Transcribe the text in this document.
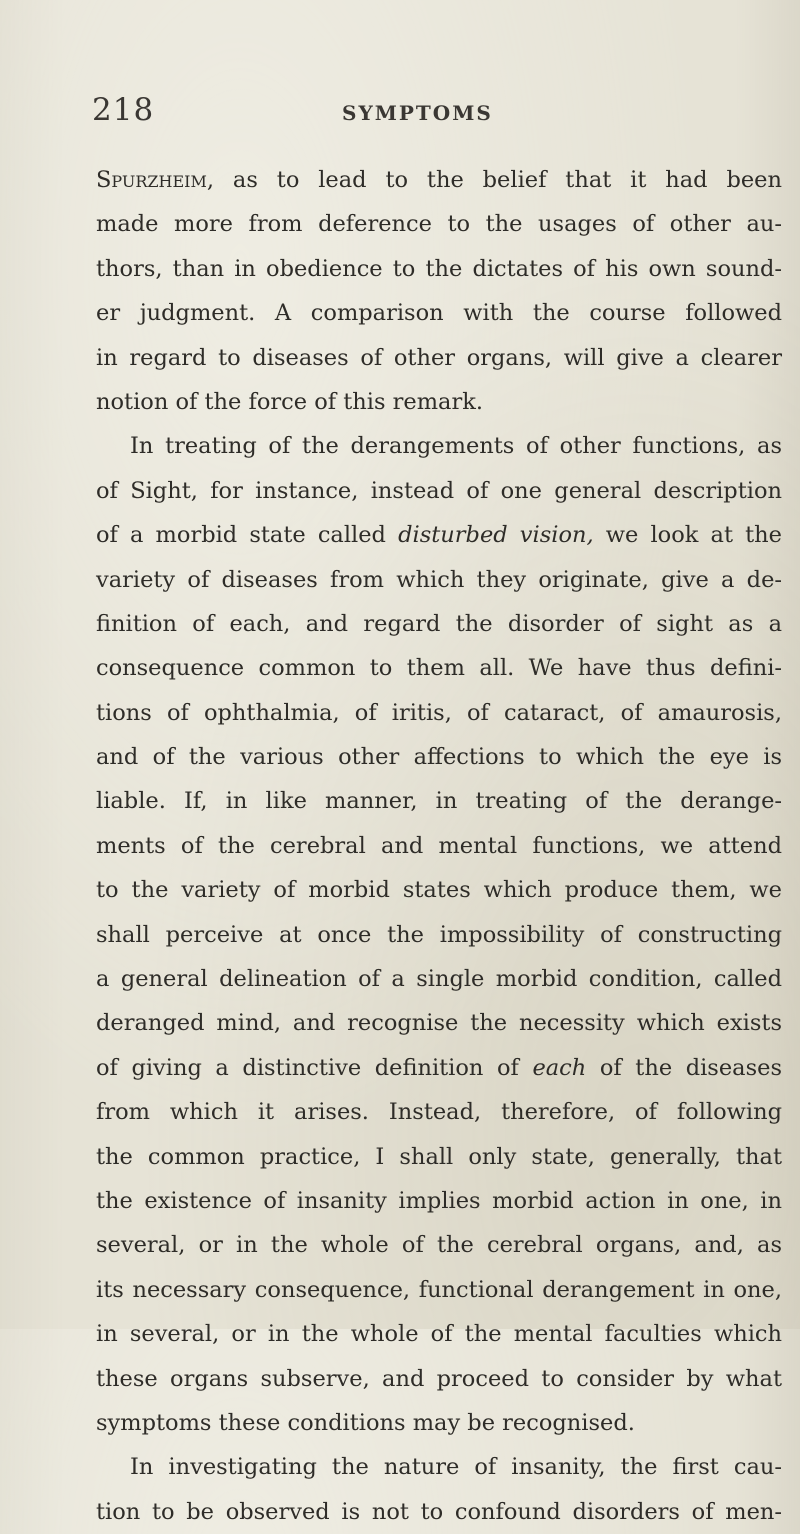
218	SYMPTOMS
Spurzheim, as to lead to the belief that it had been
made more from deference to the usages of other au-
thors, than in obedience to the dictates of his own sound-
er judgment. A comparison with the course followed
in regard to diseases of other organs, will give a clearer
notion of the force of this remark.
In treating of the derangements of other functions, as
of Sight, for instance, instead of one general description
of a morbid state called disturbed vision, we look at the
variety of diseases from which they originate, give a de-
finition of each, and regard the disorder of sight as a
consequence common to them all. We have thus defini-
tions of ophthalmia, of iritis, of cataract, of amaurosis,
and of the various other affections to which the eye is
liable. If, in like manner, in treating of the derange-
ments of the cerebral and mental functions, we attend
to the variety of morbid states which produce them, we
shall perceive at once the impossibility of constructing
a general delineation of a single morbid condition, called
deranged mind, and recognise the necessity which exists
of giving a distinctive definition of each of the diseases
from which it arises. Instead, therefore, of following
the common practice, I shall only state, generally, that
the existence of insanity implies morbid action in one, in
several, or in the whole of the cerebral organs, and, as
its necessary consequence, functional derangement in one,
in several, or in the whole of the mental faculties which
these organs subserve, and proceed to consider by what
symptoms these conditions may be recognised.
In investigating the nature of insanity, the first cau-
tion to be observed is not to confound disorders of men-
